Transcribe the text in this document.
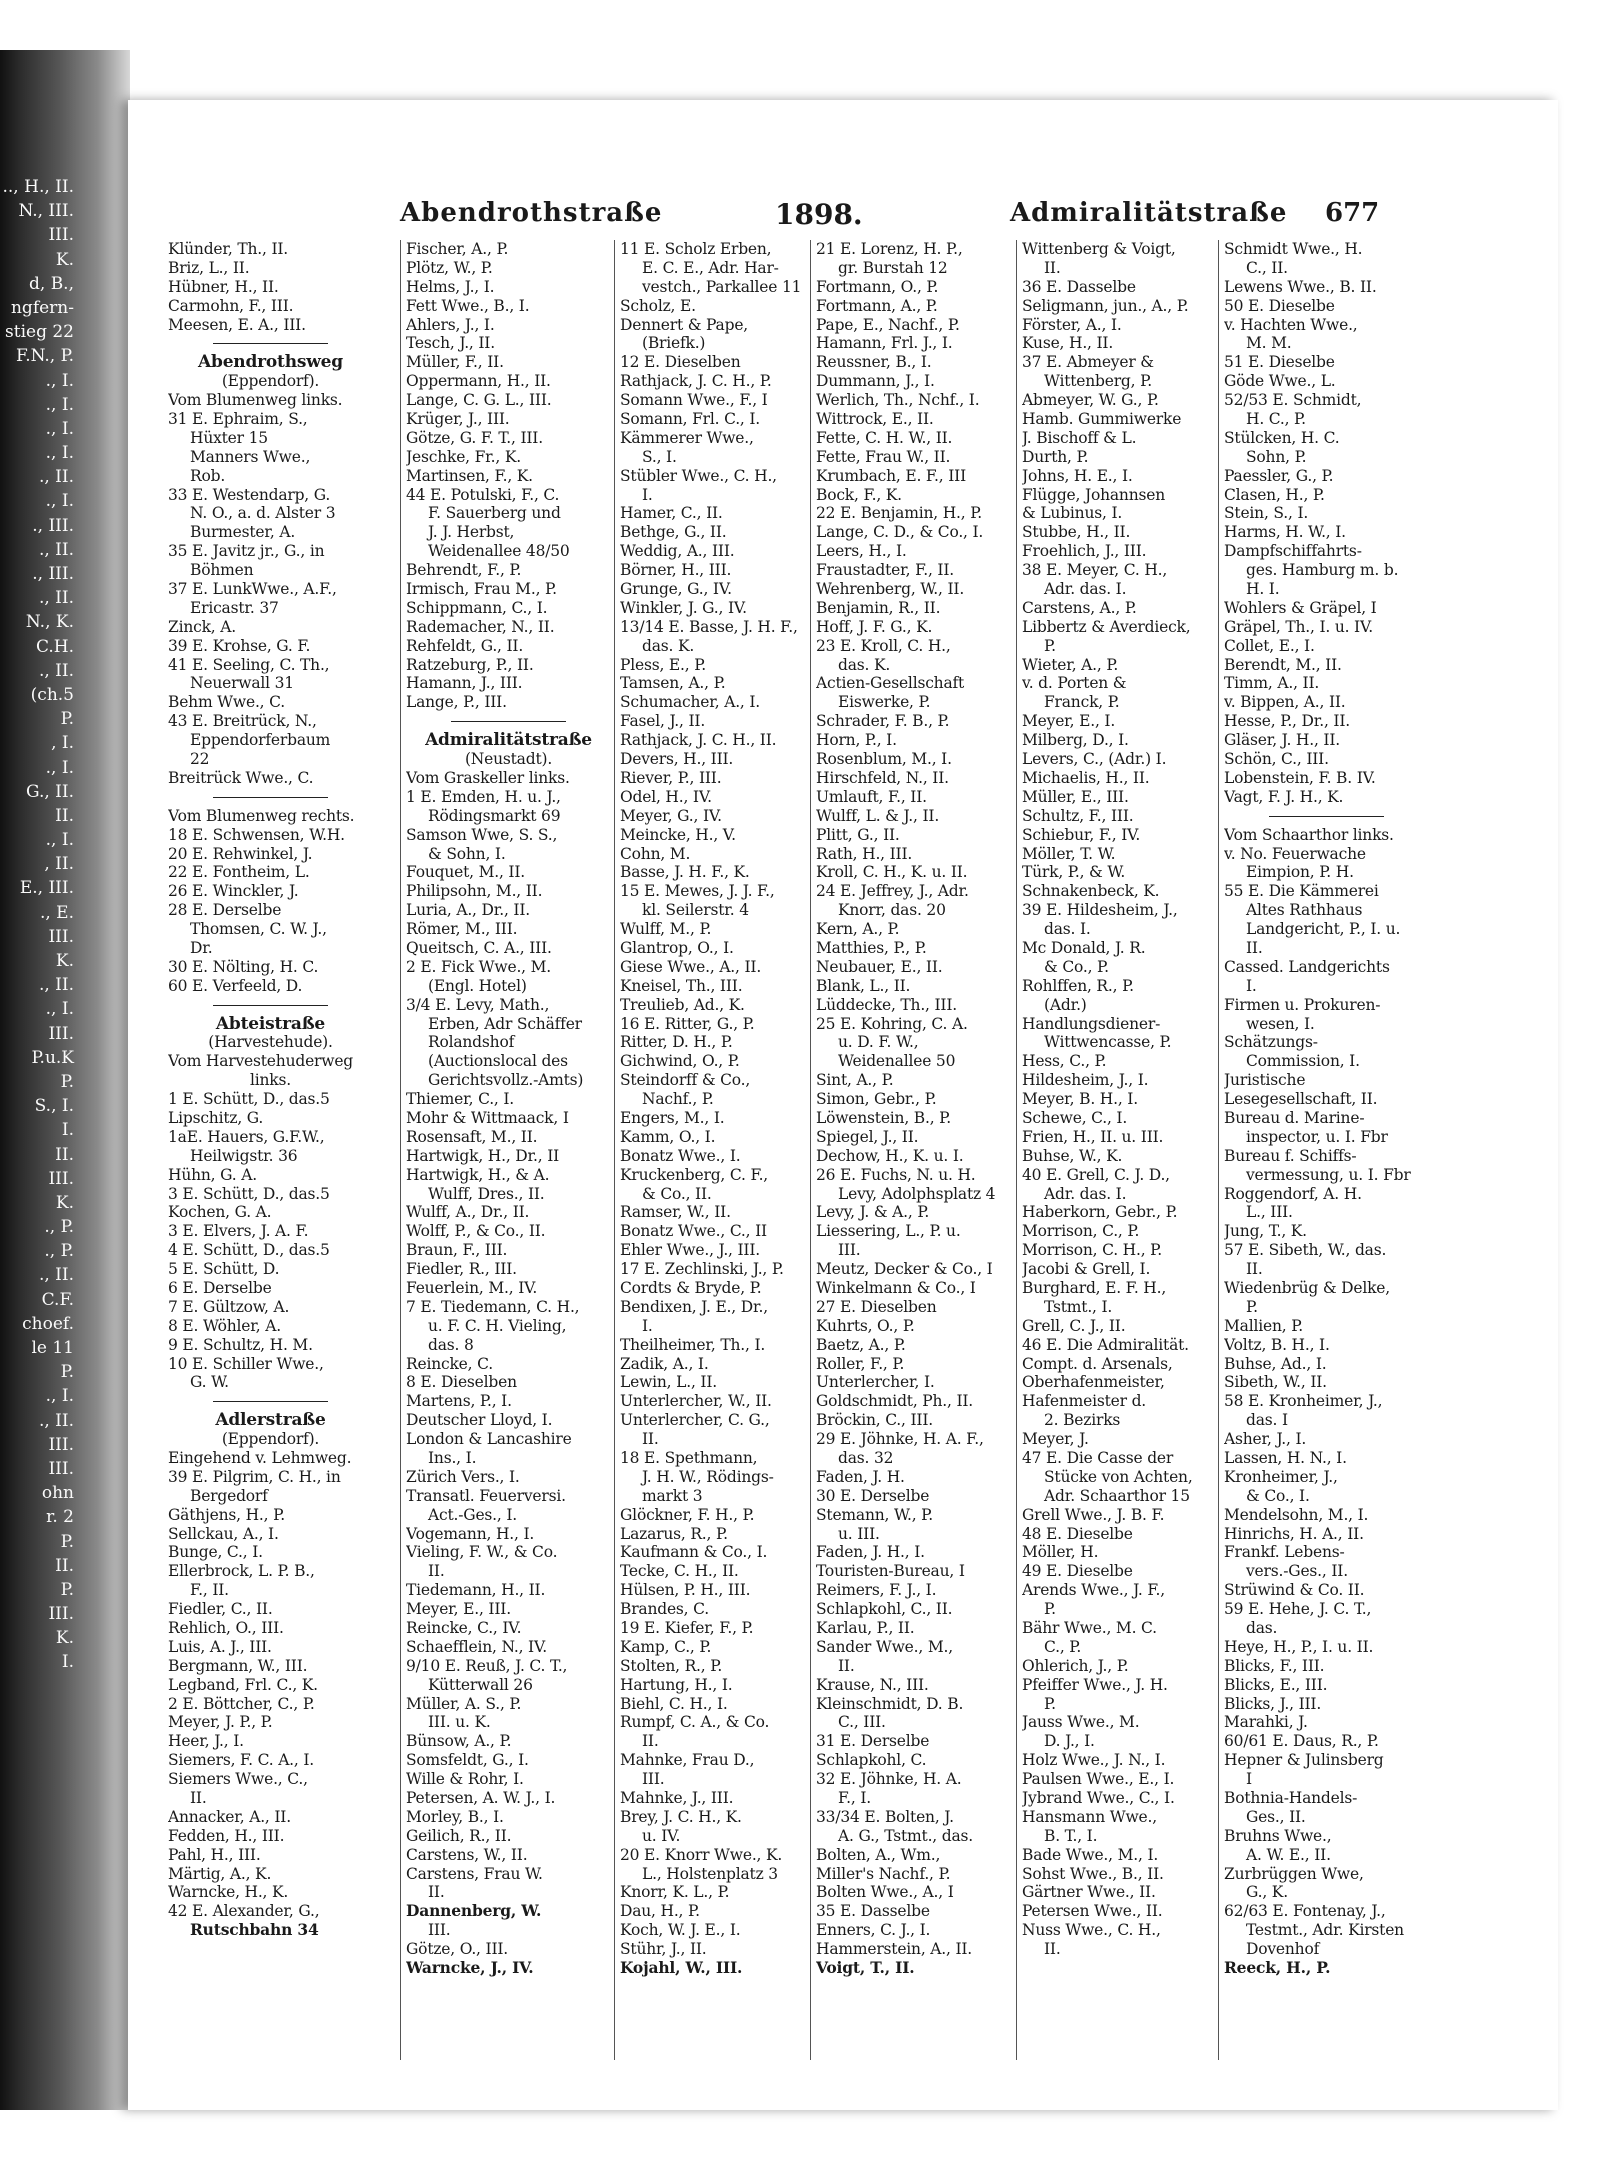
.., H., II.
N., III.
III.
K.
d, B.,
ngfern-
stieg 22
F.N., P.
., I.
., I.
., I.
., I.
., II.
., I.
., III.
., II.
., III.
., II.
N., K.
C.H.
., II.
(ch.5
P.
, I.
., I.
G., II.
II.
., I.
, II.
E., III.
., E.
III.
K.
., II.
., I.
III.
P.u.K
P.
S., I.
I.
II.
III.
K.
., P.
., P.
., II.
C.F.
choef.
le 11
P.
., I.
., II.
III.
III.
ohn
r. 2
P.
II.
P.
III.
K.
I.
Abendrothstraße	1898.	Admiralitätstraße 677
Klünder, Th., II.
Briz, L., II.
Hübner, H., II.
Carmohn, F., III.
Meesen, E. A., III.
Abendrothsweg
(Eppendorf).
Vom Blumenweg links.
31 E. Ephraim, S.,
Hüxter 15
Manners Wwe.,
Rob.
33 E. Westendarp, G.
N. O., a. d. Alster 3
Burmester, A.
35 E. Javitz jr., G., in
Böhmen
37 E. LunkWwe., A.F.,
Ericastr. 37
Zinck, A.
39 E. Krohse, G. F.
41 E. Seeling, C. Th.,
Neuerwall 31
Behm Wwe., C.
43 E. Breitrück, N.,
Eppendorferbaum
22
Breitrück Wwe., C.
Vom Blumenweg rechts.
18 E. Schwensen, W.H.
20 E. Rehwinkel, J.
22 E. Fontheim, L.
26 E. Winckler, J.
28 E. Derselbe
Thomsen, C. W. J.,
Dr.
30 E. Nölting, H. C.
60 E. Verfeeld, D.
Abteistraße
(Harvestehude).
Vom Harvestehuderweg
links.
1 E. Schütt, D., das.5
Lipschitz, G.
1aE. Hauers, G.F.W.,
Heilwigstr. 36
Hühn, G. A.
3 E. Schütt, D., das.5
Kochen, G. A.
3 E. Elvers, J. A. F.
4 E. Schütt, D., das.5
5 E. Schütt, D.
6 E. Derselbe
7 E. Gültzow, A.
8 E. Wöhler, A.
9 E. Schultz, H. M.
10 E. Schiller Wwe.,
G. W.
Adlerstraße
(Eppendorf).
Eingehend v. Lehmweg.
39 E. Pilgrim, C. H., in
Bergedorf
Gäthjens, H., P.
Sellckau, A., I.
Bunge, C., I.
Ellerbrock, L. P. B.,
F., II.
Fiedler, C., II.
Rehlich, O., III.
Luis, A. J., III.
Bergmann, W., III.
Legband, Frl. C., K.
2 E. Böttcher, C., P.
Meyer, J. P., P.
Heer, J., I.
Siemers, F. C. A., I.
Siemers Wwe., C.,
II.
Annacker, A., II.
Fedden, H., III.
Pahl, H., III.
Märtig, A., K.
Warncke, H., K.
42 E. Alexander, G.,
Rutschbahn 34
Fischer, A., P.
Plötz, W., P.
Helms, J., I.
Fett Wwe., B., I.
Ahlers, J., I.
Tesch, J., II.
Müller, F., II.
Oppermann, H., II.
Lange, C. G. L., III.
Krüger, J., III.
Götze, G. F. T., III.
Jeschke, Fr., K.
Martinsen, F., K.
44 E. Potulski, F., C.
F. Sauerberg und
J. J. Herbst,
Weidenallee 48/50
Behrendt, F., P.
Irmisch, Frau M., P.
Schippmann, C., I.
Rademacher, N., II.
Rehfeldt, G., II.
Ratzeburg, P., II.
Hamann, J., III.
Lange, P., III.
Admiralitätstraße
(Neustadt).
Vom Graskeller links.
1 E. Emden, H. u. J.,
Rödingsmarkt 69
Samson Wwe, S. S.,
& Sohn, I.
Fouquet, M., II.
Philipsohn, M., II.
Luria, A., Dr., II.
Römer, M., III.
Queitsch, C. A., III.
2 E. Fick Wwe., M.
(Engl. Hotel)
3/4 E. Levy, Math.,
Erben, Adr Schäffer
Rolandshof
(Auctionslocal des
Gerichtsvollz.-Amts)
Thiemer, C., I.
Mohr & Wittmaack, I
Rosensaft, M., II.
Hartwigk, H., Dr., II
Hartwigk, H., & A.
Wulff, Dres., II.
Wulff, A., Dr., II.
Wolff, P., & Co., II.
Braun, F., III.
Fiedler, R., III.
Feuerlein, M., IV.
7 E. Tiedemann, C. H.,
u. F. C. H. Vieling,
das. 8
Reincke, C.
8 E. Dieselben
Martens, P., I.
Deutscher Lloyd, I.
London & Lancashire
Ins., I.
Zürich Vers., I.
Transatl. Feuerversi.
Act.-Ges., I.
Vogemann, H., I.
Vieling, F. W., & Co.
II.
Tiedemann, H., II.
Meyer, E., III.
Reincke, C., IV.
Schaefflein, N., IV.
9/10 E. Reuß, J. C. T.,
Kütterwall 26
Müller, A. S., P.
III. u. K.
Bünsow, A., P.
Somsfeldt, G., I.
Wille & Rohr, I.
Petersen, A. W. J., I.
Morley, B., I.
Geilich, R., II.
Carstens, W., II.
Carstens, Frau W.
II.
Dannenberg, W.
III.
Götze, O., III.
Warncke, J., IV.
11 E. Scholz Erben,
E. C. E., Adr. Har-
vestch., Parkallee 11
Scholz, E.
Dennert & Pape,
(Briefk.)
12 E. Dieselben
Rathjack, J. C. H., P.
Somann Wwe., F., I
Somann, Frl. C., I.
Kämmerer Wwe.,
S., I.
Stübler Wwe., C. H.,
I.
Hamer, C., II.
Bethge, G., II.
Weddig, A., III.
Börner, H., III.
Grunge, G., IV.
Winkler, J. G., IV.
13/14 E. Basse, J. H. F.,
das. K.
Pless, E., P.
Tamsen, A., P.
Schumacher, A., I.
Fasel, J., II.
Rathjack, J. C. H., II.
Devers, H., III.
Riever, P., III.
Odel, H., IV.
Meyer, G., IV.
Meincke, H., V.
Cohn, M.
Basse, J. H. F., K.
15 E. Mewes, J. J. F.,
kl. Seilerstr. 4
Wulff, M., P.
Glantrop, O., I.
Giese Wwe., A., II.
Kneisel, Th., III.
Treulieb, Ad., K.
16 E. Ritter, G., P.
Ritter, D. H., P.
Gichwind, O., P.
Steindorff & Co.,
Nachf., P.
Engers, M., I.
Kamm, O., I.
Bonatz Wwe., I.
Kruckenberg, C. F.,
& Co., II.
Ramser, W., II.
Bonatz Wwe., C., II
Ehler Wwe., J., III.
17 E. Zechlinski, J., P.
Cordts & Bryde, P.
Bendixen, J. E., Dr.,
I.
Theilheimer, Th., I.
Zadik, A., I.
Lewin, L., II.
Unterlercher, W., II.
Unterlercher, C. G.,
II.
18 E. Spethmann,
J. H. W., Rödings-
markt 3
Glöckner, F. H., P.
Lazarus, R., P.
Kaufmann & Co., I.
Tecke, C. H., II.
Hülsen, P. H., III.
Brandes, C.
19 E. Kiefer, F., P.
Kamp, C., P.
Stolten, R., P.
Hartung, H., I.
Biehl, C. H., I.
Rumpf, C. A., & Co.
II.
Mahnke, Frau D.,
III.
Mahnke, J., III.
Brey, J. C. H., K.
u. IV.
20 E. Knorr Wwe., K.
L., Holstenplatz 3
Knorr, K. L., P.
Dau, H., P.
Koch, W. J. E., I.
Stühr, J., II.
Kojahl, W., III.
21 E. Lorenz, H. P.,
gr. Burstah 12
Fortmann, O., P.
Fortmann, A., P.
Pape, E., Nachf., P.
Hamann, Frl. J., I.
Reussner, B., I.
Dummann, J., I.
Werlich, Th., Nchf., I.
Wittrock, E., II.
Fette, C. H. W., II.
Fette, Frau W., II.
Krumbach, E. F., III
Bock, F., K.
22 E. Benjamin, H., P.
Lange, C. D., & Co., I.
Leers, H., I.
Fraustadter, F., II.
Wehrenberg, W., II.
Benjamin, R., II.
Hoff, J. F. G., K.
23 E. Kroll, C. H.,
das. K.
Actien-Gesellschaft
Eiswerke, P.
Schrader, F. B., P.
Horn, P., I.
Rosenblum, M., I.
Hirschfeld, N., II.
Umlauft, F., II.
Wulff, L. & J., II.
Plitt, G., II.
Rath, H., III.
Kroll, C. H., K. u. II.
24 E. Jeffrey, J., Adr.
Knorr, das. 20
Kern, A., P.
Matthies, P., P.
Neubauer, E., II.
Blank, L., II.
Lüddecke, Th., III.
25 E. Kohring, C. A.
u. D. F. W.,
Weidenallee 50
Sint, A., P.
Simon, Gebr., P.
Löwenstein, B., P.
Spiegel, J., II.
Dechow, H., K. u. I.
26 E. Fuchs, N. u. H.
Levy, Adolphsplatz 4
Levy, J. & A., P.
Liessering, L., P. u.
III.
Meutz, Decker & Co., I
Winkelmann & Co., I
27 E. Dieselben
Kuhrts, O., P.
Baetz, A., P.
Roller, F., P.
Unterlercher, I.
Goldschmidt, Ph., II.
Bröckin, C., III.
29 E. Jöhnke, H. A. F.,
das. 32
Faden, J. H.
30 E. Derselbe
Stemann, W., P.
u. III.
Faden, J. H., I.
Touristen-Bureau, I
Reimers, F. J., I.
Schlapkohl, C., II.
Karlau, P., II.
Sander Wwe., M.,
II.
Krause, N., III.
Kleinschmidt, D. B.
C., III.
31 E. Derselbe
Schlapkohl, C.
32 E. Jöhnke, H. A.
F., I.
33/34 E. Bolten, J.
A. G., Tstmt., das.
Bolten, A., Wm.,
Miller's Nachf., P.
Bolten Wwe., A., I
35 E. Dasselbe
Enners, C. J., I.
Hammerstein, A., II.
Voigt, T., II.
Wittenberg & Voigt,
II.
36 E. Dasselbe
Seligmann, jun., A., P.
Förster, A., I.
Kuse, H., II.
37 E. Abmeyer &
Wittenberg, P.
Abmeyer, W. G., P.
Hamb. Gummiwerke
J. Bischoff & L.
Durth, P.
Johns, H. E., I.
Flügge, Johannsen
& Lubinus, I.
Stubbe, H., II.
Froehlich, J., III.
38 E. Meyer, C. H.,
Adr. das. I.
Carstens, A., P.
Libbertz & Averdieck,
P.
Wieter, A., P.
v. d. Porten &
Franck, P.
Meyer, E., I.
Milberg, D., I.
Levers, C., (Adr.) I.
Michaelis, H., II.
Müller, E., III.
Schultz, F., III.
Schiebur, F., IV.
Möller, T. W.
Türk, P., & W.
Schnakenbeck, K.
39 E. Hildesheim, J.,
das. I.
Mc Donald, J. R.
& Co., P.
Rohlffen, R., P.
(Adr.)
Handlungsdiener-
Wittwencasse, P.
Hess, C., P.
Hildesheim, J., I.
Meyer, B. H., I.
Schewe, C., I.
Frien, H., II. u. III.
Buhse, W., K.
40 E. Grell, C. J. D.,
Adr. das. I.
Haberkorn, Gebr., P.
Morrison, C., P.
Morrison, C. H., P.
Jacobi & Grell, I.
Burghard, E. F. H.,
Tstmt., I.
Grell, C. J., II.
46 E. Die Admiralität.
Compt. d. Arsenals,
Oberhafenmeister,
Hafenmeister d.
2. Bezirks
Meyer, J.
47 E. Die Casse der
Stücke von Achten,
Adr. Schaarthor 15
Grell Wwe., J. B. F.
48 E. Dieselbe
Möller, H.
49 E. Dieselbe
Arends Wwe., J. F.,
P.
Bähr Wwe., M. C.
C., P.
Ohlerich, J., P.
Pfeiffer Wwe., J. H.
P.
Jauss Wwe., M.
D. J., I.
Holz Wwe., J. N., I.
Paulsen Wwe., E., I.
Jybrand Wwe., C., I.
Hansmann Wwe.,
B. T., I.
Bade Wwe., M., I.
Sohst Wwe., B., II.
Gärtner Wwe., II.
Petersen Wwe., II.
Nuss Wwe., C. H.,
II.
Schmidt Wwe., H.
C., II.
Lewens Wwe., B. II.
50 E. Dieselbe
v. Hachten Wwe.,
M. M.
51 E. Dieselbe
Göde Wwe., L.
52/53 E. Schmidt,
H. C., P.
Stülcken, H. C.
Sohn, P.
Paessler, G., P.
Clasen, H., P.
Stein, S., I.
Harms, H. W., I.
Dampfschiffahrts-
ges. Hamburg m. b.
H. I.
Wohlers & Gräpel, I
Gräpel, Th., I. u. IV.
Collet, E., I.
Berendt, M., II.
Timm, A., II.
v. Bippen, A., II.
Hesse, P., Dr., II.
Gläser, J. H., II.
Schön, C., III.
Lobenstein, F. B. IV.
Vagt, F. J. H., K.
Vom Schaarthor links.
v. No. Feuerwache
Eimpion, P. H.
55 E. Die Kämmerei
Altes Rathhaus
Landgericht, P., I. u.
II.
Cassed. Landgerichts
I.
Firmen u. Prokuren-
wesen, I.
Schätzungs-
Commission, I.
Juristische
Lesegesellschaft, II.
Bureau d. Marine-
inspector, u. I. Fbr
Bureau f. Schiffs-
vermessung, u. I. Fbr
Roggendorf, A. H.
L., III.
Jung, T., K.
57 E. Sibeth, W., das.
II.
Wiedenbrüg & Delke,
P.
Mallien, P.
Voltz, B. H., I.
Buhse, Ad., I.
Sibeth, W., II.
58 E. Kronheimer, J.,
das. I
Asher, J., I.
Lassen, H. N., I.
Kronheimer, J.,
& Co., I.
Mendelsohn, M., I.
Hinrichs, H. A., II.
Frankf. Lebens-
vers.-Ges., II.
Strüwind & Co. II.
59 E. Hehe, J. C. T.,
das.
Heye, H., P., I. u. II.
Blicks, F., III.
Blicks, E., III.
Blicks, J., III.
Marahki, J.
60/61 E. Daus, R., P.
Hepner & Julinsberg
I
Bothnia-Handels-
Ges., II.
Bruhns Wwe.,
A. W. E., II.
Zurbrüggen Wwe,
G., K.
62/63 E. Fontenay, J.,
Testmt., Adr. Kirsten
Dovenhof
Reeck, H., P.
